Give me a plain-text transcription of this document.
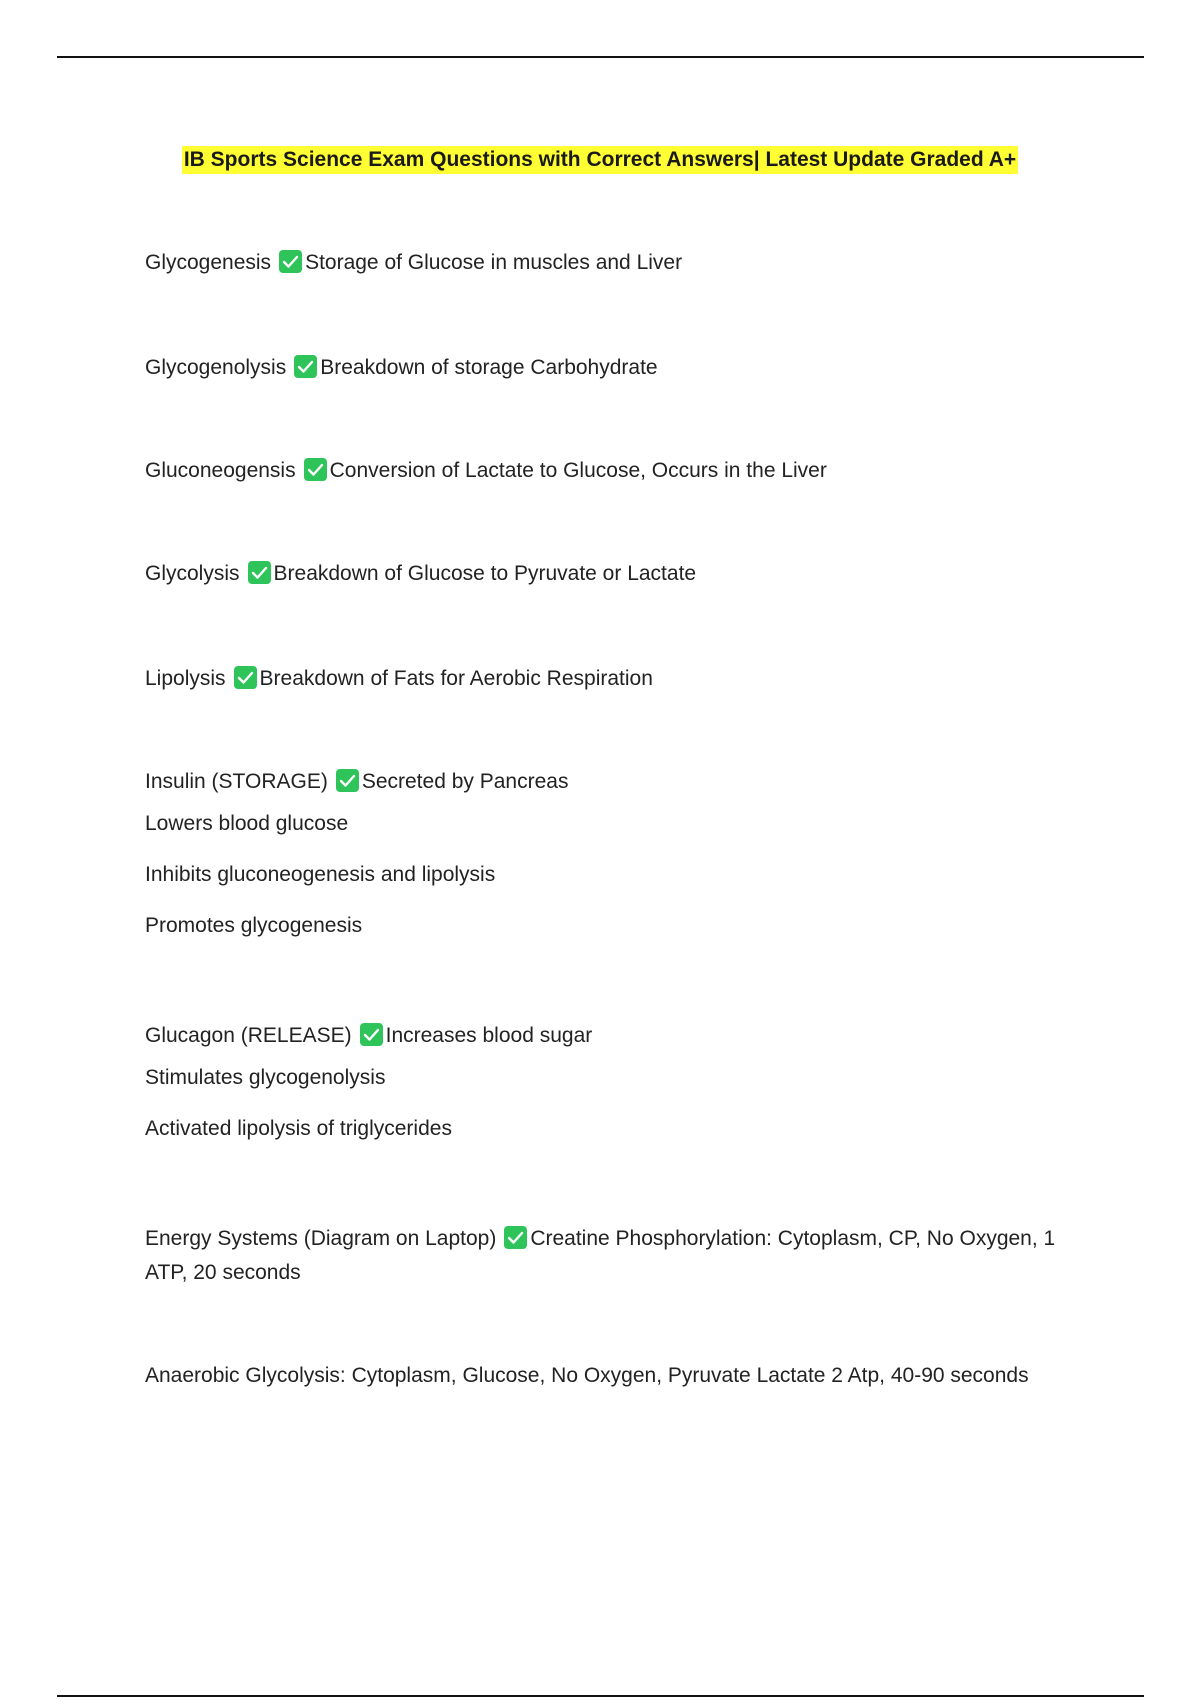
IB Sports Science Exam Questions with Correct Answers| Latest Update Graded A+
Glycogenesis Storage of Glucose in muscles and Liver
Glycogenolysis Breakdown of storage Carbohydrate
Gluconeogensis Conversion of Lactate to Glucose, Occurs in the Liver
Glycolysis Breakdown of Glucose to Pyruvate or Lactate
Lipolysis Breakdown of Fats for Aerobic Respiration
Insulin (STORAGE) Secreted by Pancreas
Lowers blood glucose
Inhibits gluconeogenesis and lipolysis
Promotes glycogenesis
Glucagon (RELEASE) Increases blood sugar
Stimulates glycogenolysis
Activated lipolysis of triglycerides
Energy Systems (Diagram on Laptop) Creatine Phosphorylation: Cytoplasm, CP, No Oxygen, 1 ATP, 20 seconds
Anaerobic Glycolysis: Cytoplasm, Glucose, No Oxygen, Pyruvate Lactate 2 Atp, 40-90 seconds
